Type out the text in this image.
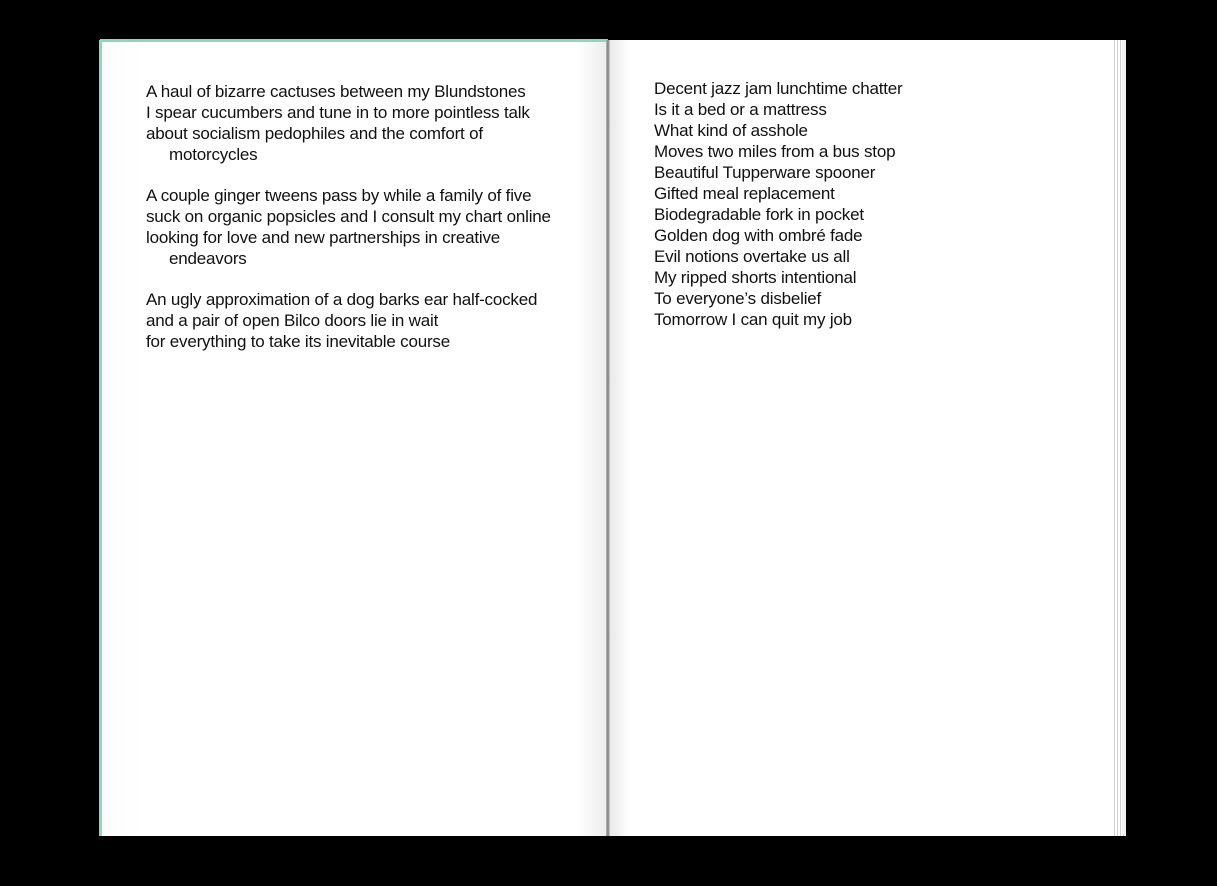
A haul of bizarre cactuses between my Blundstones
I spear cucumbers and tune in to more pointless talk
about socialism pedophiles and the comfort of
motorcycles
A couple ginger tweens pass by while a family of five
suck on organic popsicles and I consult my chart online
looking for love and new partnerships in creative
endeavors
An ugly approximation of a dog barks ear half-cocked
and a pair of open Bilco doors lie in wait
for everything to take its inevitable course
Decent jazz jam lunchtime chatter
Is it a bed or a mattress
What kind of asshole
Moves two miles from a bus stop
Beautiful Tupperware spooner
Gifted meal replacement
Biodegradable fork in pocket
Golden dog with ombré fade
Evil notions overtake us all
My ripped shorts intentional
To everyone’s disbelief
Tomorrow I can quit my job
